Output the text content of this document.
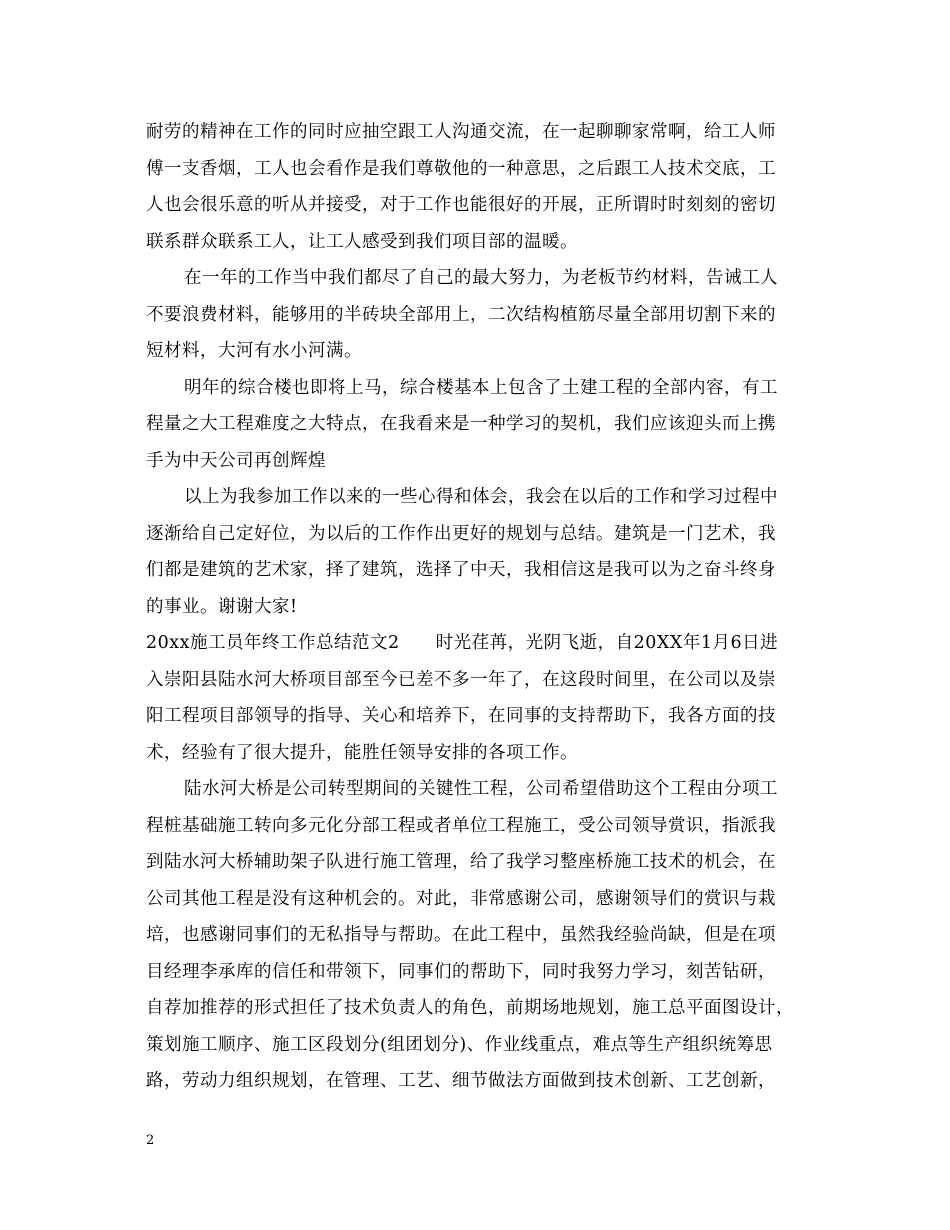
耐劳的精神在工作的同时应抽空跟工人沟通交流，在一起聊聊家常啊，给工人师
傅一支香烟，工人也会看作是我们尊敬他的一种意思，之后跟工人技术交底，工
人也会很乐意的听从并接受，对于工作也能很好的开展，正所谓时时刻刻的密切
联系群众联系工人，让工人感受到我们项目部的温暖。
在一年的工作当中我们都尽了自己的最大努力，为老板节约材料，告诫工人
不要浪费材料，能够用的半砖块全部用上，二次结构植筋尽量全部用切割下来的
短材料，大河有水小河满。
明年的综合楼也即将上马，综合楼基本上包含了土建工程的全部内容，有工
程量之大工程难度之大特点，在我看来是一种学习的契机，我们应该迎头而上携
手为中天公司再创辉煌
以上为我参加工作以来的一些心得和体会，我会在以后的工作和学习过程中
逐渐给自己定好位，为以后的工作作出更好的规划与总结。建筑是一门艺术，我
们都是建筑的艺术家，择了建筑，选择了中天，我相信这是我可以为之奋斗终身
的事业。谢谢大家!
20xx施工员年终工作总结范文2　　时光荏苒，光阴飞逝，自20XX年1月6日进
入崇阳县陆水河大桥项目部至今已差不多一年了，在这段时间里，在公司以及崇
阳工程项目部领导的指导、关心和培养下，在同事的支持帮助下，我各方面的技
术，经验有了很大提升，能胜任领导安排的各项工作。
陆水河大桥是公司转型期间的关键性工程，公司希望借助这个工程由分项工
程桩基础施工转向多元化分部工程或者单位工程施工，受公司领导赏识，指派我
到陆水河大桥辅助架子队进行施工管理，给了我学习整座桥施工技术的机会，在
公司其他工程是没有这种机会的。对此，非常感谢公司，感谢领导们的赏识与栽
培，也感谢同事们的无私指导与帮助。在此工程中，虽然我经验尚缺，但是在项
目经理李承库的信任和带领下，同事们的帮助下，同时我努力学习，刻苦钻研，
自荐加推荐的形式担任了技术负责人的角色，前期场地规划，施工总平面图设计，
策划施工顺序、施工区段划分(组团划分)、作业线重点，难点等生产组织统筹思
路，劳动力组织规划，在管理、工艺、细节做法方面做到技术创新、工艺创新，
2
